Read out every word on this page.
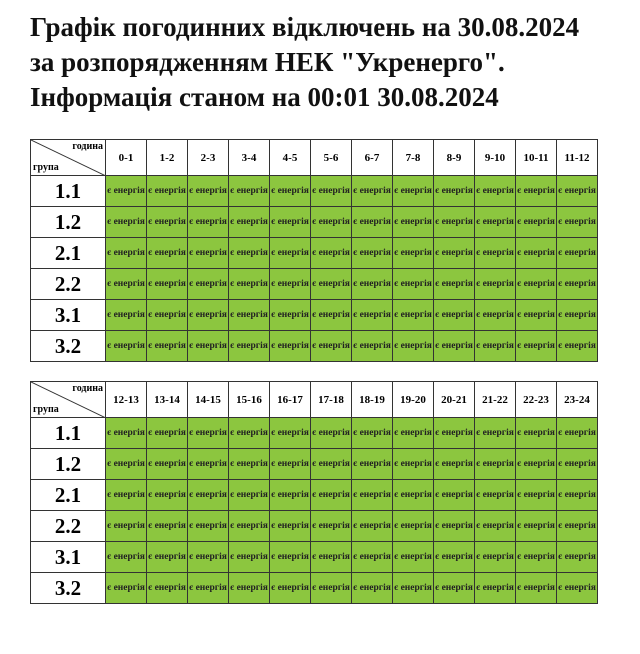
Графік погодинних відключень на 30.08.2024
за розпорядженням НЕК "Укренерго".
Інформація станом на 00:01 30.08.2024
година
група	0-1	1-2	2-3	3-4	4-5	5-6	6-7	7-8	8-9	9-10	10-11	11-12
1.1	є енергія	є енергія	є енергія	є енергія	є енергія	є енергія	є енергія	є енергія	є енергія	є енергія	є енергія	є енергія
1.2	є енергія	є енергія	є енергія	є енергія	є енергія	є енергія	є енергія	є енергія	є енергія	є енергія	є енергія	є енергія
2.1	є енергія	є енергія	є енергія	є енергія	є енергія	є енергія	є енергія	є енергія	є енергія	є енергія	є енергія	є енергія
2.2	є енергія	є енергія	є енергія	є енергія	є енергія	є енергія	є енергія	є енергія	є енергія	є енергія	є енергія	є енергія
3.1	є енергія	є енергія	є енергія	є енергія	є енергія	є енергія	є енергія	є енергія	є енергія	є енергія	є енергія	є енергія
3.2	є енергія	є енергія	є енергія	є енергія	є енергія	є енергія	є енергія	є енергія	є енергія	є енергія	є енергія	є енергія
година
група	12-13	13-14	14-15	15-16	16-17	17-18	18-19	19-20	20-21	21-22	22-23	23-24
1.1	є енергія	є енергія	є енергія	є енергія	є енергія	є енергія	є енергія	є енергія	є енергія	є енергія	є енергія	є енергія
1.2	є енергія	є енергія	є енергія	є енергія	є енергія	є енергія	є енергія	є енергія	є енергія	є енергія	є енергія	є енергія
2.1	є енергія	є енергія	є енергія	є енергія	є енергія	є енергія	є енергія	є енергія	є енергія	є енергія	є енергія	є енергія
2.2	є енергія	є енергія	є енергія	є енергія	є енергія	є енергія	є енергія	є енергія	є енергія	є енергія	є енергія	є енергія
3.1	є енергія	є енергія	є енергія	є енергія	є енергія	є енергія	є енергія	є енергія	є енергія	є енергія	є енергія	є енергія
3.2	є енергія	є енергія	є енергія	є енергія	є енергія	є енергія	є енергія	є енергія	є енергія	є енергія	є енергія	є енергія
